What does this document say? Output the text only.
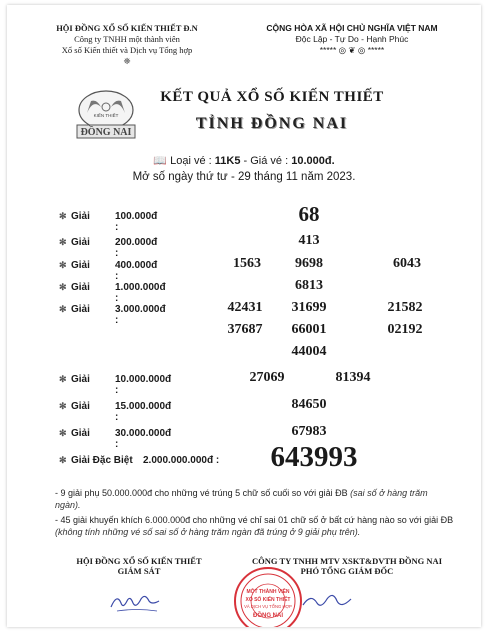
HỘI ĐỒNG XỔ SỐ KIẾN THIẾT Đ.N
Công ty TNHH một thành viên
Xổ số Kiến thiết và Dịch vụ Tổng hợp
❈
CỘNG HÒA XÃ HỘI CHỦ NGHĨA VIỆT NAM
Độc Lập - Tự Do - Hạnh Phúc
***** ◎ ❦ ◎ *****
KIẾN THIẾT
ĐỒNG NAI
KẾT QUẢ XỔ SỐ KIẾN THIẾT
TỈNH ĐỒNG NAI
📖 Loại vé : 11K5 - Giá vé : 10.000đ.
Mở số ngày thứ tư - 29 tháng 11 năm 2023.
✻ Giải	100.000đ :
68
✻ Giải	200.000đ :
413
✻ Giải	400.000đ :
1563	9698	6043
✻ Giải	1.000.000đ :
6813
✻ Giải	3.000.000đ :
42431	31699	21582
37687	66001	02192
44004
✻ Giải	10.000.000đ :
27069	81394
✻ Giải	15.000.000đ :
84650
✻ Giải	30.000.000đ :
67983
✻ Giải Đặc Biệt 2.000.000.000đ :	643993
- 9 giải phụ 50.000.000đ cho những vé trúng 5 chữ số cuối so với giải ĐB (sai số ở hàng trăm ngàn).
- 45 giải khuyến khích 6.000.000đ cho những vé chỉ sai 01 chữ số ở bất cứ hàng nào so với giải ĐB (không tính những vé số sai số ở hàng trăm ngàn đã trúng ở 9 giải phụ trên).
HỘI ĐỒNG XỔ SỐ KIẾN THIẾT
GIÁM SÁT
CÔNG TY TNHH MTV XSKT&DVTH ĐỒNG NAI
PHÓ TỔNG GIÁM ĐỐC
MỘT THÀNH VIÊN
XỔ SỐ KIẾN THIẾT
VÀ DỊCH VỤ TỔNG HỢP
ĐỒNG NAI
